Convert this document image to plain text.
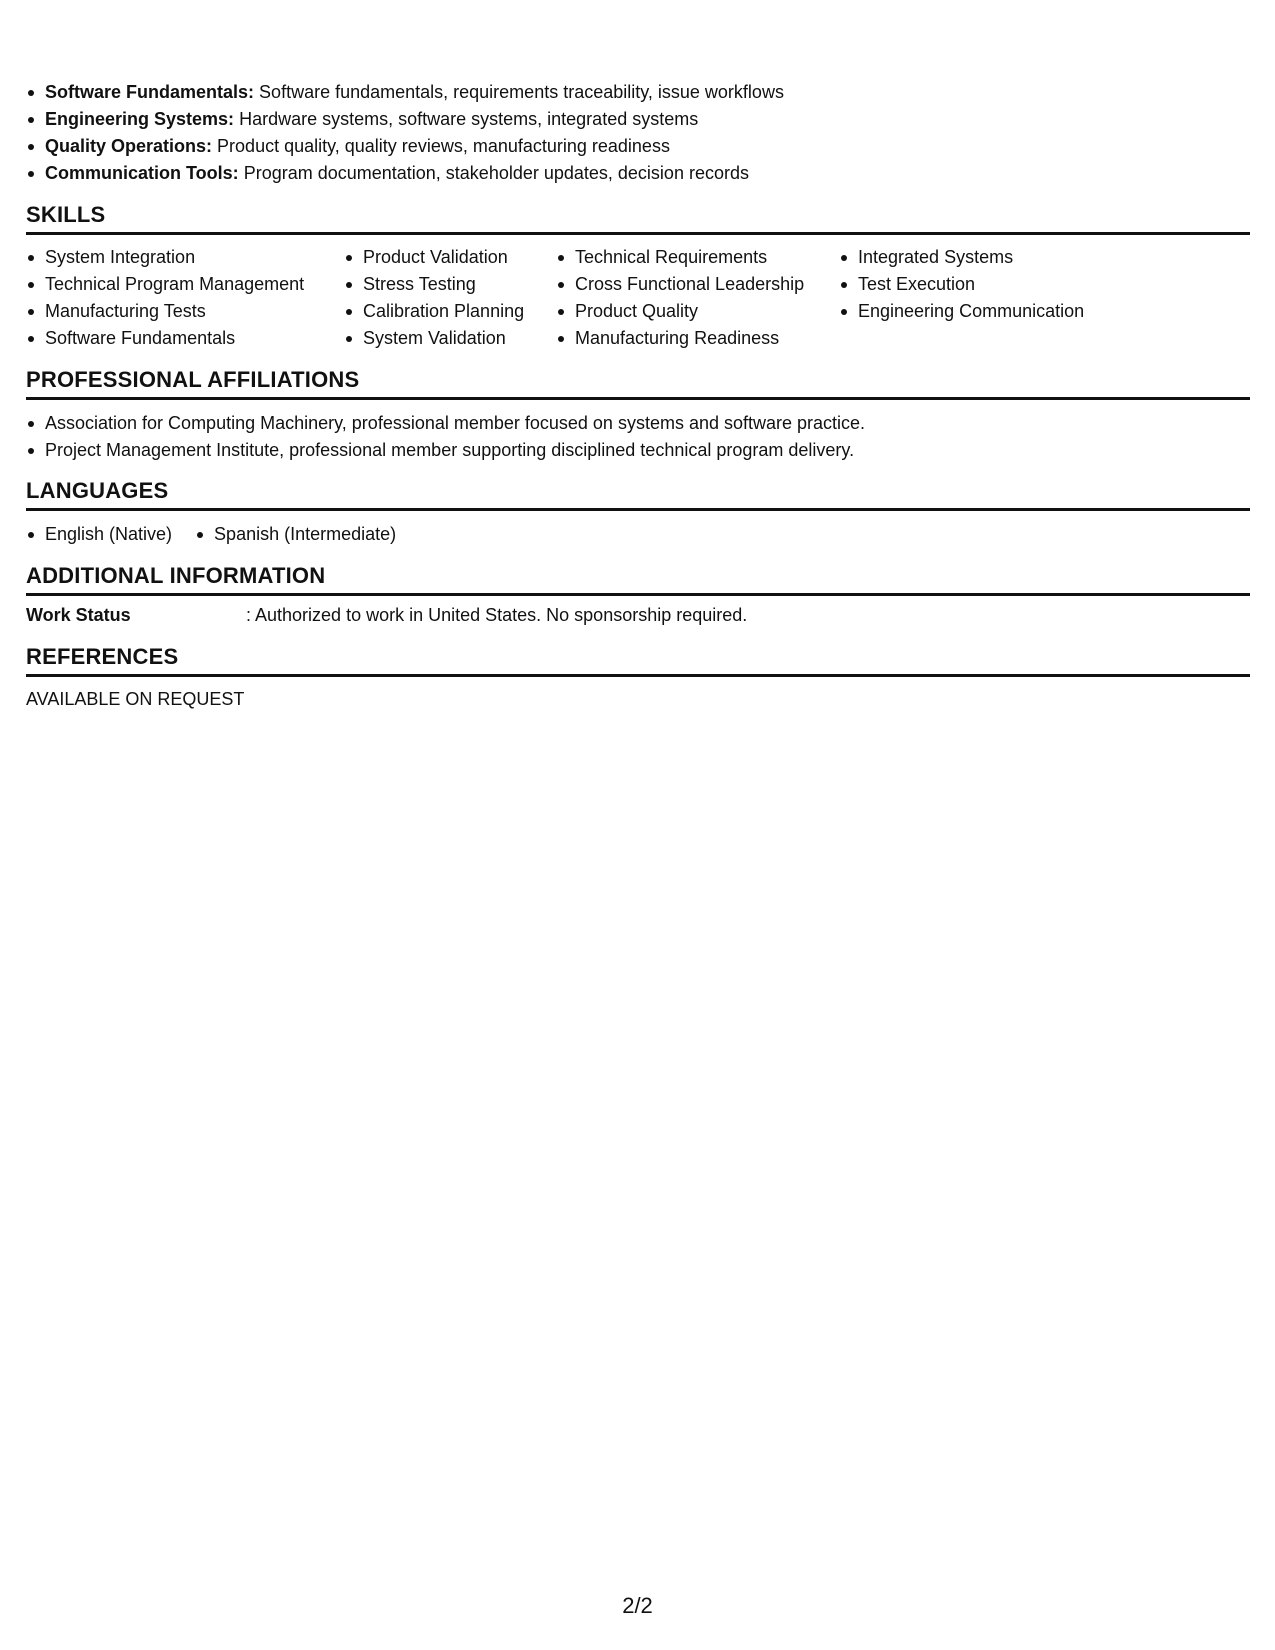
Software Fundamentals: Software fundamentals, requirements traceability, issue workflows
Engineering Systems: Hardware systems, software systems, integrated systems
Quality Operations: Product quality, quality reviews, manufacturing readiness
Communication Tools: Program documentation, stakeholder updates, decision records
SKILLS
System Integration
Technical Program Management
Manufacturing Tests
Software Fundamentals
Product Validation
Stress Testing
Calibration Planning
System Validation
Technical Requirements
Cross Functional Leadership
Product Quality
Manufacturing Readiness
Integrated Systems
Test Execution
Engineering Communication
PROFESSIONAL AFFILIATIONS
Association for Computing Machinery, professional member focused on systems and software practice.
Project Management Institute, professional member supporting disciplined technical program delivery.
LANGUAGES
English (Native)	Spanish (Intermediate)
ADDITIONAL INFORMATION
Work Status	: Authorized to work in United States. No sponsorship required.
REFERENCES
AVAILABLE ON REQUEST
2/2
